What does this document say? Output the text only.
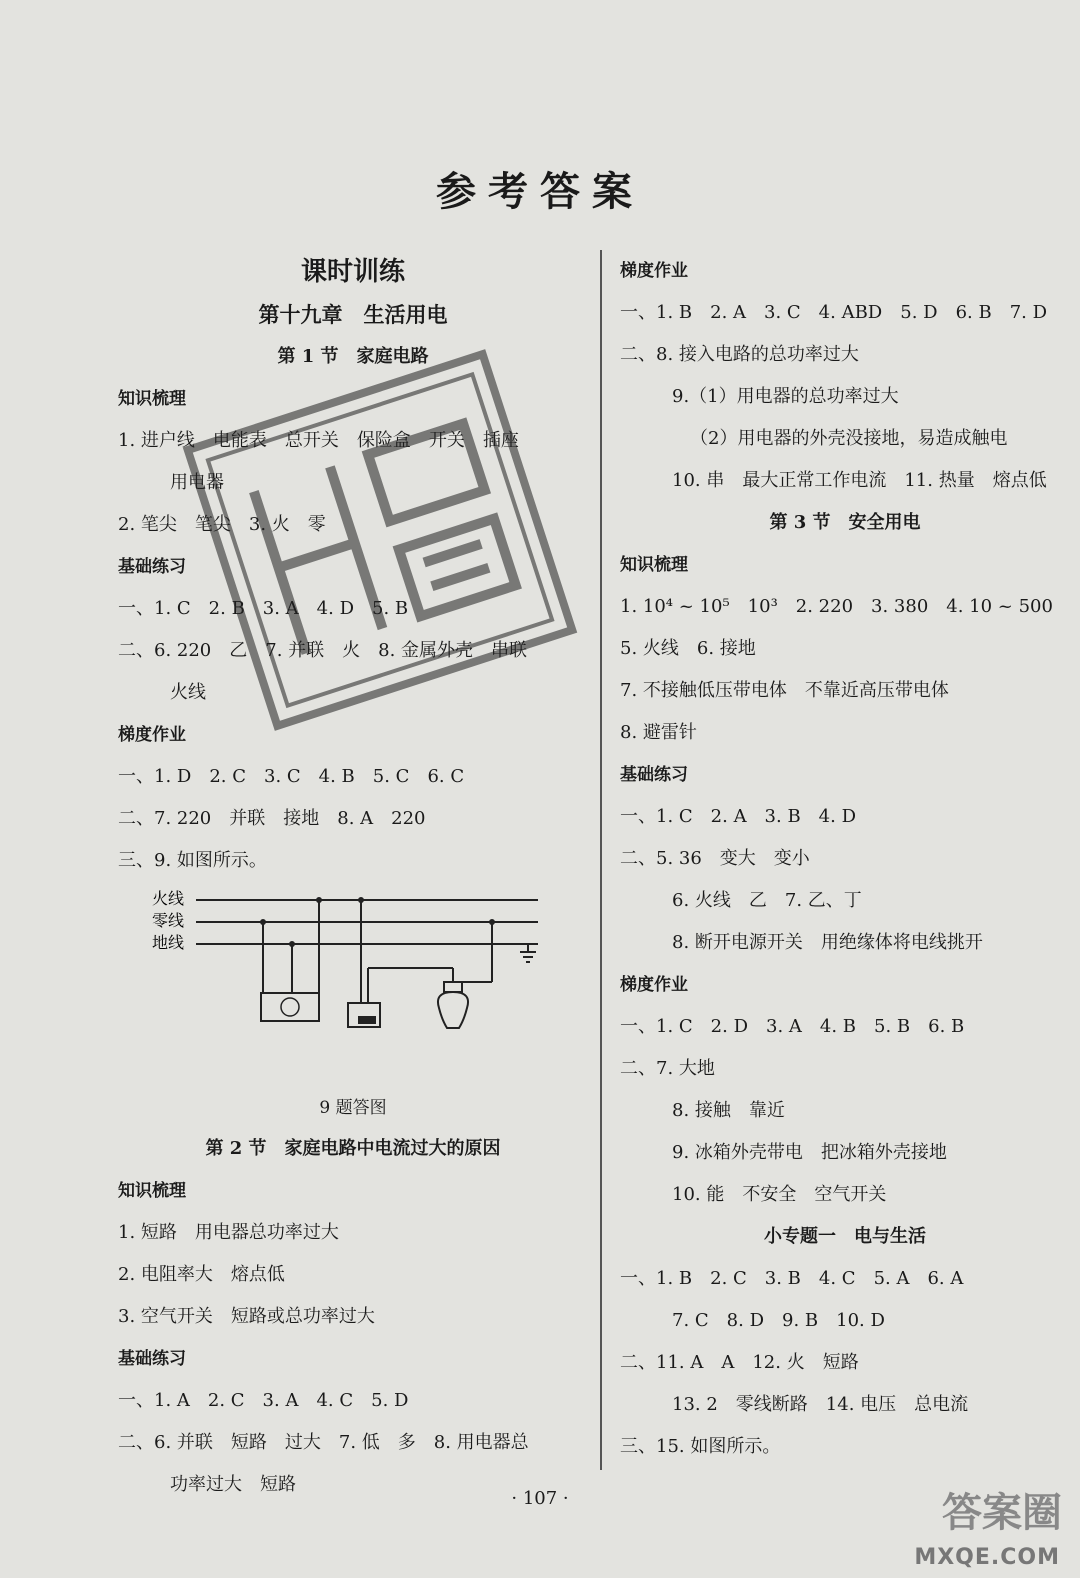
参考答案
课时训练
第十九章　生活用电
第 1 节　家庭电路
知识梳理
1. 进户线　电能表　总开关　保险盒　开关　插座
用电器
2. 笔尖　笔尖　3. 火　零
基础练习
一、1. C　2. B　3. A　4. D　5. B
二、6. 220　乙　7. 并联　火　8. 金属外壳　串联
火线
梯度作业
一、1. D　2. C　3. C　4. B　5. C　6. C
二、7. 220　并联　接地　8. A　220
三、9. 如图所示。
火线
零线
地线
9 题答图
第 2 节　家庭电路中电流过大的原因
知识梳理
1. 短路　用电器总功率过大
2. 电阻率大　熔点低
3. 空气开关　短路或总功率过大
基础练习
一、1. A　2. C　3. A　4. C　5. D
二、6. 并联　短路　过大　7. 低　多　8. 用电器总
功率过大　短路
梯度作业
一、1. B　2. A　3. C　4. ABD　5. D　6. B　7. D
二、8. 接入电路的总功率过大
9.（1）用电器的总功率过大
（2）用电器的外壳没接地，易造成触电
10. 串　最大正常工作电流　11. 热量　熔点低
第 3 节　安全用电
知识梳理
1. 10⁴ ~ 10⁵　10³　2. 220　3. 380　4. 10 ~ 500
5. 火线　6. 接地
7. 不接触低压带电体　不靠近高压带电体
8. 避雷针
基础练习
一、1. C　2. A　3. B　4. D
二、5. 36　变大　变小
6. 火线　乙　7. 乙、丁
8. 断开电源开关　用绝缘体将电线挑开
梯度作业
一、1. C　2. D　3. A　4. B　5. B　6. B
二、7. 大地
8. 接触　靠近
9. 冰箱外壳带电　把冰箱外壳接地
10. 能　不安全　空气开关
小专题一　电与生活
一、1. B　2. C　3. B　4. C　5. A　6. A
7. C　8. D　9. B　10. D
二、11. A　A　12. 火　短路
13. 2　零线断路　14. 电压　总电流
三、15. 如图所示。
· 107 ·	答案圈
MXQE.COM
